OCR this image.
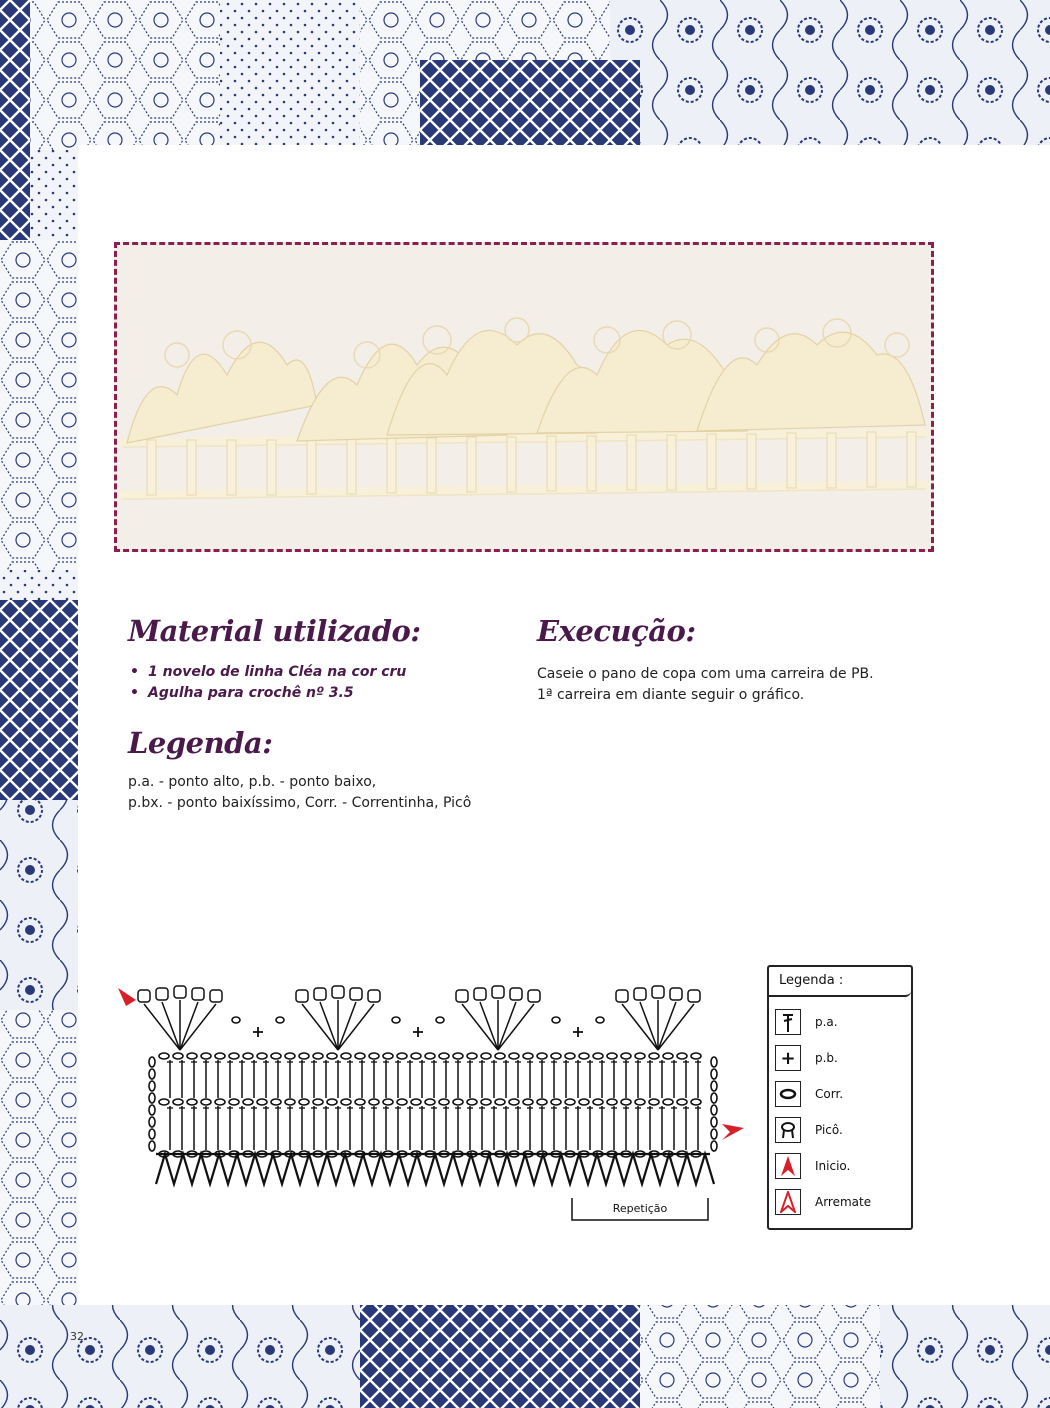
Material utilizado:
• 1 novelo de linha Cléa na cor cru
• Agulha para crochê nº 3.5
Execução:

Caseie o pano de copa com uma carreira de PB.

1ª carreira em diante seguir o gráfico.

Legenda:

p.a. - ponto alto, p.b. - ponto baixo,

p.bx. - ponto baixíssimo, Corr. - Correntinha, Picô

Repetição
Legenda :
p.a.
+	p.b.
Corr.
Picô.
Inicio.
Arremate
32
